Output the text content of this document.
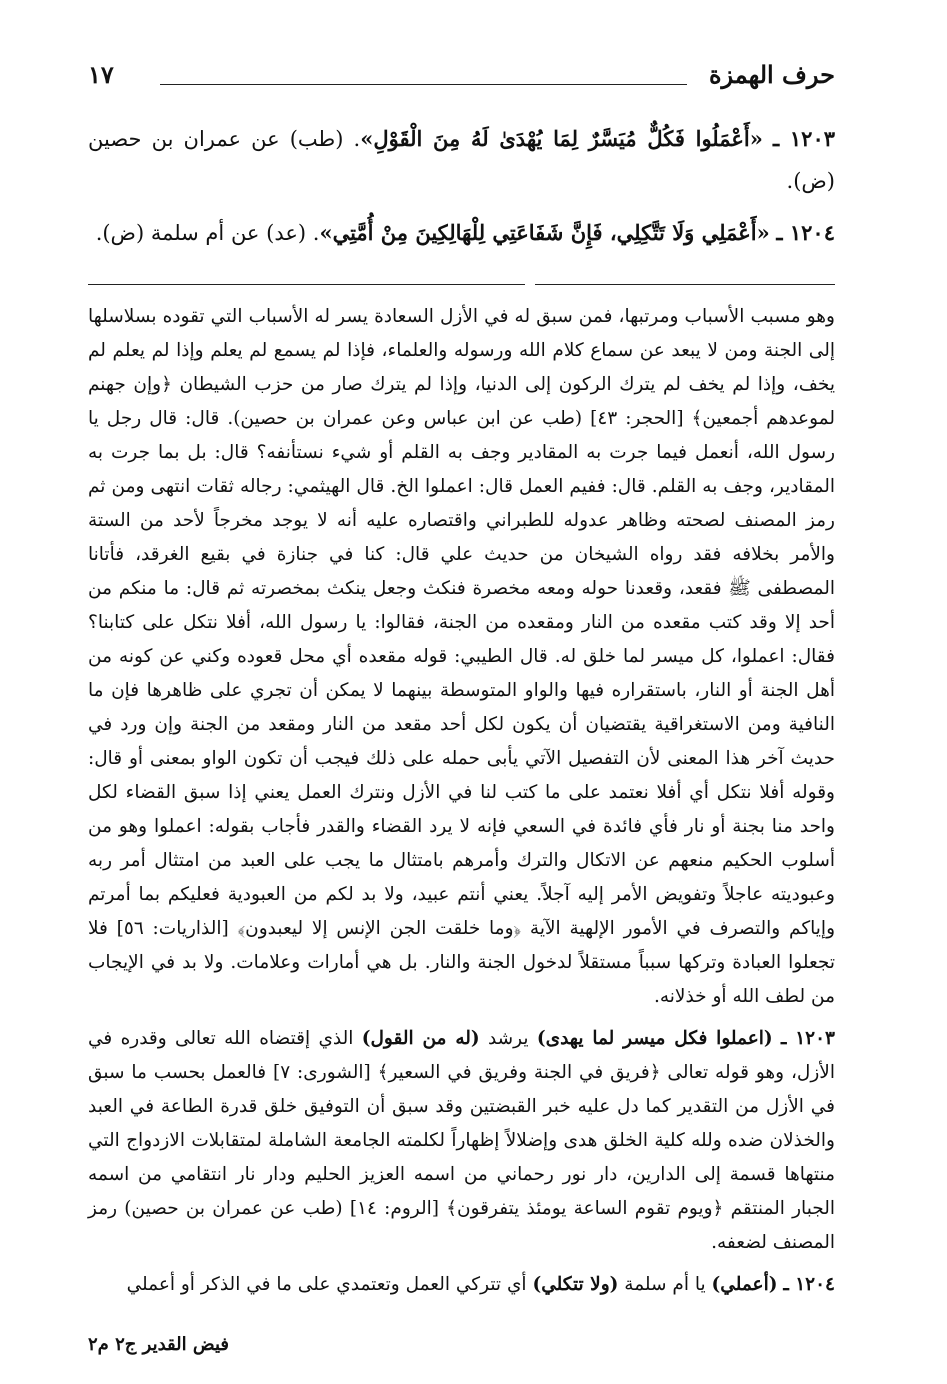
حرف الهمزة
١٧
١٢٠٣ ـ «أَعْمَلُوا فَكُلٌّ مُيَسَّرٌ لِمَا يُهْدَىٰ لَهُ مِنَ الْقَوْلِ». (طب) عن عمران بن حصين (ض).
١٢٠٤ ـ «أَعْمَلِي وَلَا تَتَّكِلِي، فَإِنَّ شَفَاعَتِي لِلْهَالِكِينَ مِنْ أُمَّتِي». (عد) عن أم سلمة (ض).

وهو مسبب الأسباب ومرتبها، فمن سبق له في الأزل السعادة يسر له الأسباب التي تقوده بسلاسلها إلى الجنة ومن لا يبعد عن سماع كلام الله ورسوله والعلماء، فإذا لم يسمع لم يعلم وإذا لم يعلم لم يخف، وإذا لم يخف لم يترك الركون إلى الدنيا، وإذا لم يترك صار من حزب الشيطان ﴿وإن جهنم لموعدهم أجمعين﴾ [الحجر: ٤٣] (طب عن ابن عباس وعن عمران بن حصين). قال: قال رجل يا رسول الله، أنعمل فيما جرت به المقادير وجف به القلم أو شيء نستأنفه؟ قال: بل بما جرت به المقادير، وجف به القلم. قال: ففيم العمل قال: اعملوا الخ. قال الهيثمي: رجاله ثقات انتهى ومن ثم رمز المصنف لصحته وظاهر عدوله للطبراني واقتصاره عليه أنه لا يوجد مخرجاً لأحد من الستة والأمر بخلافه فقد رواه الشيخان من حديث علي قال: كنا في جنازة في بقيع الغرقد، فأتانا المصطفى ﷺ فقعد، وقعدنا حوله ومعه مخصرة فنكث وجعل ينكث بمخصرته ثم قال: ما منكم من أحد إلا وقد كتب مقعده من النار ومقعده من الجنة، فقالوا: يا رسول الله، أفلا نتكل على كتابنا؟ فقال: اعملوا، كل ميسر لما خلق له. قال الطيبي: قوله مقعده أي محل قعوده وكني عن كونه من أهل الجنة أو النار، باستقراره فيها والواو المتوسطة بينهما لا يمكن أن تجري على ظاهرها فإن ما النافية ومن الاستغراقية يقتضيان أن يكون لكل أحد مقعد من النار ومقعد من الجنة وإن ورد في حديث آخر هذا المعنى لأن التفصيل الآتي يأبى حمله على ذلك فيجب أن تكون الواو بمعنى أو قال: وقوله أفلا نتكل أي أفلا نعتمد على ما كتب لنا في الأزل ونترك العمل يعني إذا سبق القضاء لكل واحد منا بجنة أو نار فأي فائدة في السعي فإنه لا يرد القضاء والقدر فأجاب بقوله: اعملوا وهو من أسلوب الحكيم منعهم عن الاتكال والترك وأمرهم بامتثال ما يجب على العبد من امتثال أمر ربه وعبوديته عاجلاً وتفويض الأمر إليه آجلاً. يعني أنتم عبيد، ولا بد لكم من العبودية فعليكم بما أمرتم وإياكم والتصرف في الأمور الإلهية الآية ﴿وما خلقت الجن الإنس إلا ليعبدون﴾ [الذاريات: ٥٦] فلا تجعلوا العبادة وتركها سبباً مستقلاً لدخول الجنة والنار. بل هي أمارات وعلامات. ولا بد في الإيجاب من لطف الله أو خذلانه.

١٢٠٣ ـ (اعملوا فكل ميسر لما يهدى) يرشد (له من القول) الذي إقتضاه الله تعالى وقدره في الأزل، وهو قوله تعالى ﴿فريق في الجنة وفريق في السعير﴾ [الشورى: ٧] فالعمل بحسب ما سبق في الأزل من التقدير كما دل عليه خبر القبضتين وقد سبق أن التوفيق خلق قدرة الطاعة في العبد والخذلان ضده ولله كلية الخلق هدى وإضلالاً إظهاراً لكلمته الجامعة الشاملة لمتقابلات الازدواج التي منتهاها قسمة إلى الدارين، دار نور رحماني من اسمه العزيز الحليم ودار نار انتقامي من اسمه الجبار المنتقم ﴿ويوم تقوم الساعة يومئذ يتفرقون﴾ [الروم: ١٤] (طب عن عمران بن حصين) رمز المصنف لضعفه.

١٢٠٤ ـ (أعملي) يا أم سلمة (ولا تتكلي) أي تتركي العمل وتعتمدي على ما في الذكر أو أعملي

فيض القدير ج٢ م٢
